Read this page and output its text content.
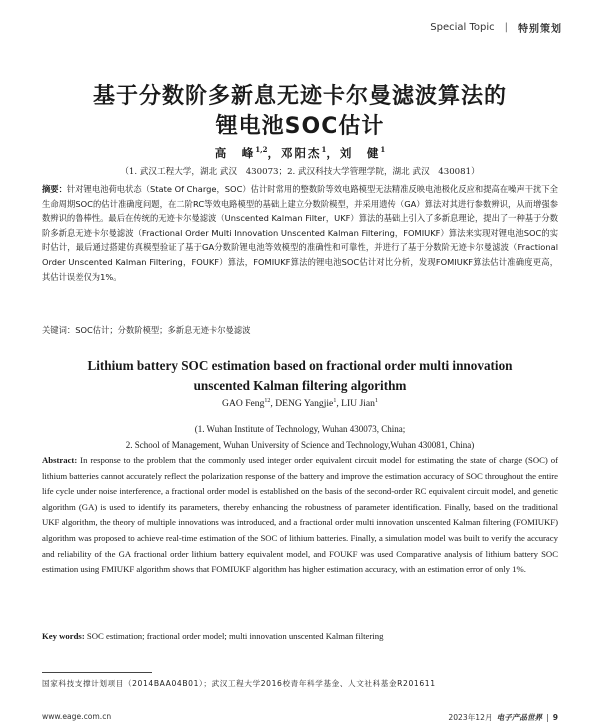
Special Topic | 特别策划
基于分数阶多新息无迹卡尔曼滤波算法的
锂电池SOC估计
高　峰$^{1,2}$，邓阳杰$^1$，刘　健$^1$
（1. 武汉工程大学，湖北 武汉　430073；2. 武汉科技大学管理学院，湖北 武汉　430081）
摘要：针对锂电池荷电状态（State Of Charge，SOC）估计时常用的整数阶等效电路模型无法精准反映电池极化反应和提高在噪声干扰下全生命周期SOC的估计准确度问题，在二阶RC等效电路模型的基础上建立分数阶模型，并采用遗传（GA）算法对其进行参数辨识，从而增强参数辨识的鲁棒性。最后在传统的无迹卡尔曼滤波（Unscented Kalman Filter，UKF）算法的基础上引入了多新息理论，提出了一种基于分数阶多新息无迹卡尔曼滤波（Fractional Order Multi Innovation Unscented Kalman Filtering，FOMIUKF）算法来实现对锂电池SOC的实时估计，最后通过搭建仿真模型验证了基于GA分数阶锂电池等效模型的准确性和可靠性，并进行了基于分数阶无迹卡尔曼滤波（Fractional Order Unscented Kalman Filtering，FOUKF）算法，FOMIUKF算法的锂电池SOC估计对比分析，发现FOMIUKF算法估计准确度更高，其估计误差仅为1%。
关键词：SOC估计；分数阶模型；多新息无迹卡尔曼滤波
Lithium battery SOC estimation based on fractional order multi innovation
unscented Kalman filtering algorithm
GAO Feng$^{12}$, DENG Yangjie$^1$, LIU Jian$^1$
(1. Wuhan Institute of Technology, Wuhan 430073, China;
2. School of Management, Wuhan University of Science and Technology,Wuhan 430081, China)
Abstract: In response to the problem that the commonly used integer order equivalent circuit model for estimating the state of charge (SOC) of lithium batteries cannot accurately reflect the polarization response of the battery and improve the estimation accuracy of SOC throughout the entire life cycle under noise interference, a fractional order model is established on the basis of the second-order RC equivalent circuit model, and genetic algorithm (GA) is used to identify its parameters, thereby enhancing the robustness of parameter identification. Finally, based on the traditional UKF algorithm, the theory of multiple innovations was introduced, and a fractional order multi innovation unscented Kalman filtering (FOMIUKF) algorithm was proposed to achieve real-time estimation of the SOC of lithium batteries. Finally, a simulation model was built to verify the accuracy and reliability of the GA fractional order lithium battery equivalent model, and FOUKF was used Comparative analysis of lithium battery SOC estimation using FMIUKF algorithm shows that FOMIUKF algorithm has higher estimation accuracy, with an estimation error of only 1%.
Key words: SOC estimation; fractional order model; multi innovation unscented Kalman filtering
国家科技支撑计划项目（2014BAA04B01）；武汉工程大学2016校青年科学基金、人文社科基金R201611
www.eage.com.cn	2023年12月 电子产品世界 | 9
